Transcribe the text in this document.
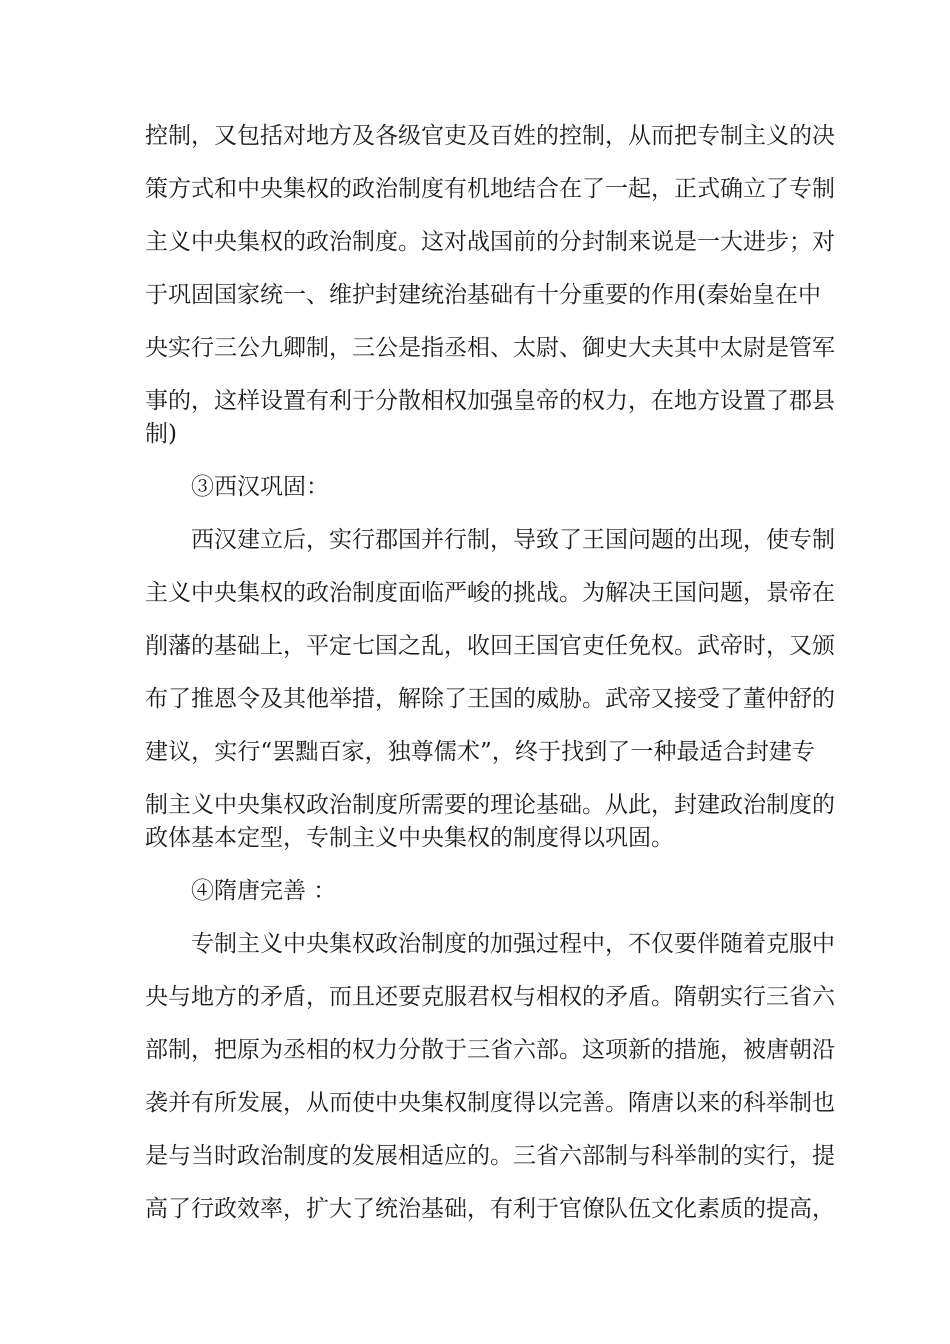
控制，又包括对地方及各级官吏及百姓的控制，从而把专制主义的决
策方式和中央集权的政治制度有机地结合在了一起，正式确立了专制
主义中央集权的政治制度。这对战国前的分封制来说是一大进步；对
于巩固国家统一、维护封建统治基础有十分重要的作用(秦始皇在中
央实行三公九卿制，三公是指丞相、太尉、御史大夫其中太尉是管军
事的，这样设置有利于分散相权加强皇帝的权力，在地方设置了郡县
制)
③西汉巩固：
西汉建立后，实行郡国并行制，导致了王国问题的出现，使专制
主义中央集权的政治制度面临严峻的挑战。为解决王国问题，景帝在
削藩的基础上，平定七国之乱，收回王国官吏任免权。武帝时，又颁
布了推恩令及其他举措，解除了王国的威胁。武帝又接受了董仲舒的
建议，实行“罢黜百家，独尊儒术”，终于找到了一种最适合封建专
制主义中央集权政治制度所需要的理论基础。从此，封建政治制度的
政体基本定型，专制主义中央集权的制度得以巩固。
④隋唐完善 ：
专制主义中央集权政治制度的加强过程中，不仅要伴随着克服中
央与地方的矛盾，而且还要克服君权与相权的矛盾。隋朝实行三省六
部制，把原为丞相的权力分散于三省六部。这项新的措施，被唐朝沿
袭并有所发展，从而使中央集权制度得以完善。隋唐以来的科举制也
是与当时政治制度的发展相适应的。三省六部制与科举制的实行，提
高了行政效率，扩大了统治基础，有利于官僚队伍文化素质的提高，
